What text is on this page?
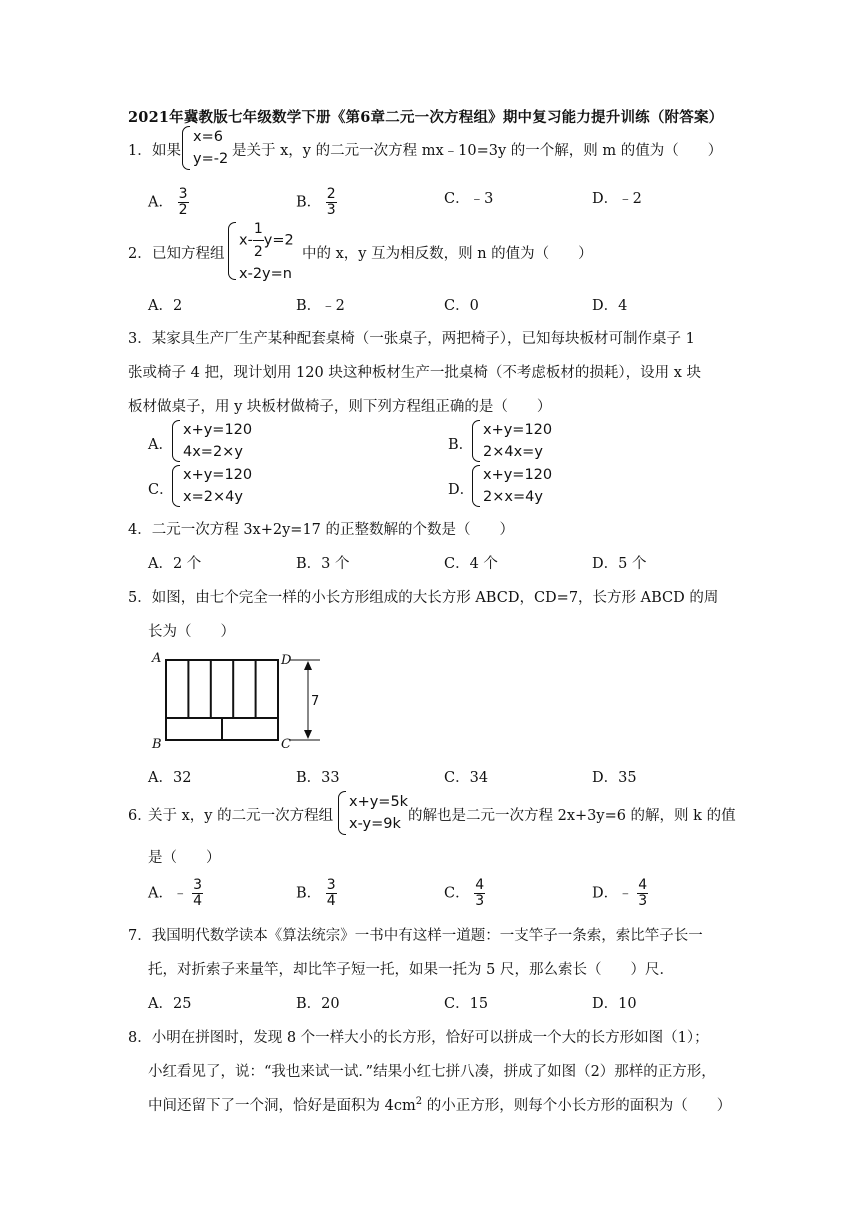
2021年冀教版七年级数学下册《第6章二元一次方程组》期中复习能力提升训练（附答案）
1． 如果
x=6
y=-2 是关于 x，y 的二元一次方程 mx﹣10=3y 的一个解，则 m 的值为（　　）
A． $\frac{3}{2}$	B． $\frac{2}{3}$	C．﹣3	D．﹣2
2． 已知方程组
$x- \frac{1}{2} y=2$
x-2y=n
中的 x，y 互为相反数，则 n 的值为（　　）
A．2	B．﹣2	C．0	D．4
3．某家具生产厂生产某种配套桌椅（一张桌子，两把椅子），已知每块板材可制作桌子 1
张或椅子 4 把，现计划用 120 块这种板材生产一批桌椅（不考虑板材的损耗），设用 x 块
板材做桌子，用 y 块板材做椅子，则下列方程组正确的是（　　）
A．
x+y=120
4x=2×y	B．
x+y=120
2×4x=y
C．
x+y=120
x=2×4y	D．
x+y=120
2×x=4y
4．二元一次方程 3x+2y=17 的正整数解的个数是（　　）
A．2 个	B．3 个	C．4 个	D．5 个
5．如图，由七个完全一样的小长方形组成的大长方形 ABCD，CD=7，长方形 ABCD 的周
长为（　　）
A
B	C
D
7
A．32	B．33	C．34	D．35
6．
关于 x，y 的二元一次方程组
x+y=5k
x-y=9k 的解也是二元一次方程 2x+3y=6 的解，则 k 的值
是（　　）
A．﹣ $\frac{3}{4}$	B． $\frac{3}{4}$	C． $\frac{4}{3}$	D．﹣ $\frac{4}{3}$
7．我国明代数学读本《算法统宗》一书中有这样一道题：一支竿子一条索，索比竿子长一
托，对折索子来量竿，却比竿子短一托，如果一托为 5 尺，那么索长（　　）尺．
A．25	B．20	C．15	D．10
8．小明在拼图时，发现 8 个一样大小的长方形，恰好可以拼成一个大的长方形如图（1）；
小红看见了，说：“我也来试一试．”结果小红七拼八凑，拼成了如图（2）那样的正方形，
中间还留下了一个洞，恰好是面积为 $4cm^2$ 的小正方形，则每个小长方形的面积为（　　）
